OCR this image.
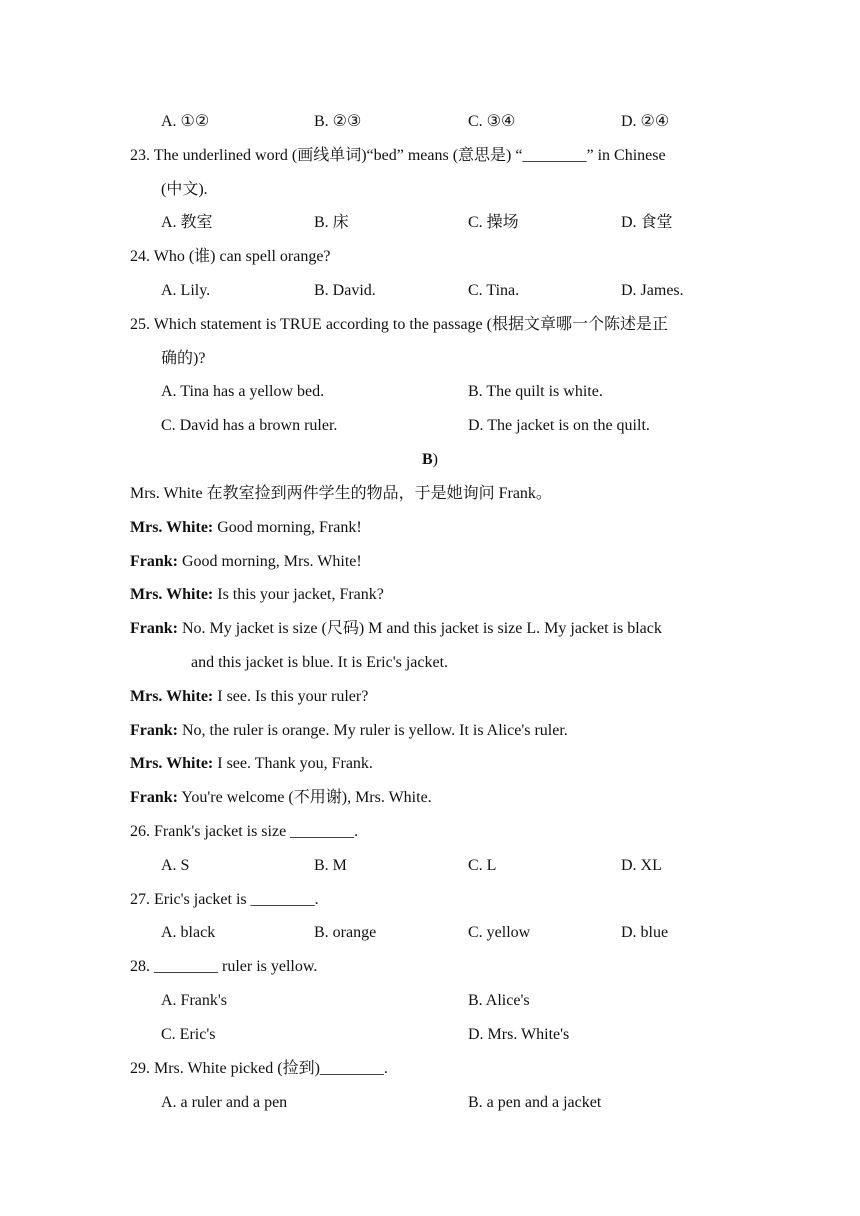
A. ①②	B. ②③	C. ③④	D. ②④
23. The underlined word (画线单词)“bed” means (意思是) “________” in Chinese
(中文).
A. 教室	B. 床	C. 操场	D. 食堂
24. Who (谁) can spell orange?
A. Lily.	B. David.	C. Tina.	D. James.
25. Which statement is TRUE according to the passage (根据文章哪一个陈述是正
确的)?
A. Tina has a yellow bed.	B. The quilt is white.
C. David has a brown ruler.	D. The jacket is on the quilt.
B)
Mrs. White 在教室捡到两件学生的物品，于是她询问 Frank。
Mrs. White: Good morning, Frank!
Frank: Good morning, Mrs. White!
Mrs. White: Is this your jacket, Frank?
Frank: No. My jacket is size (尺码) M and this jacket is size L. My jacket is black
and this jacket is blue. It is Eric's jacket.
Mrs. White: I see. Is this your ruler?
Frank: No, the ruler is orange. My ruler is yellow. It is Alice's ruler.
Mrs. White: I see. Thank you, Frank.
Frank: You're welcome (不用谢), Mrs. White.
26. Frank's jacket is size ________.
A. S	B. M	C. L	D. XL
27. Eric's jacket is ________.
A. black	B. orange	C. yellow	D. blue
28. ________ ruler is yellow.
A. Frank's	B. Alice's
C. Eric's	D. Mrs. White's
29. Mrs. White picked (捡到)________.
A. a ruler and a pen	B. a pen and a jacket
